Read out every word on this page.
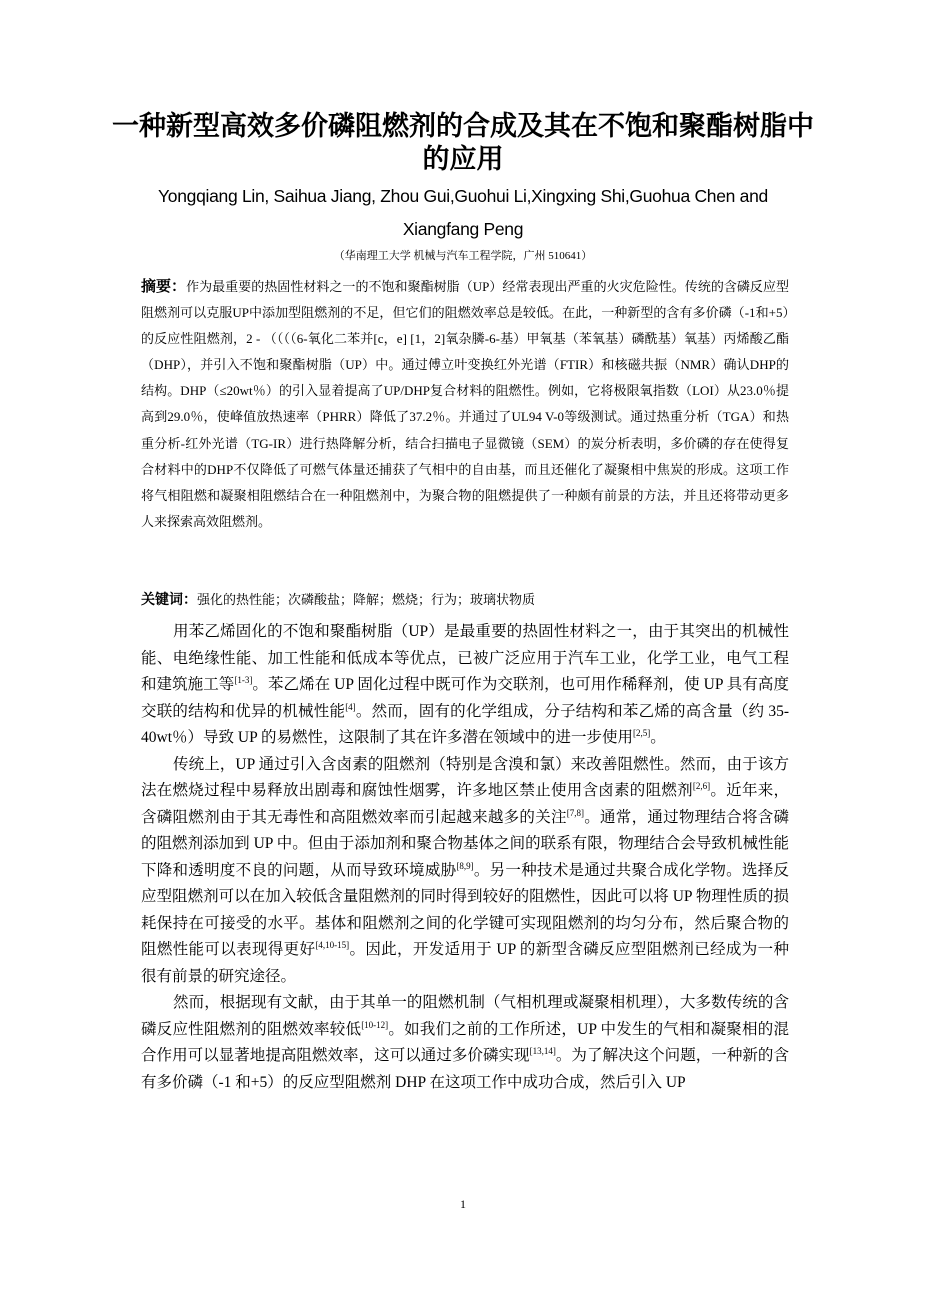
一种新型高效多价磷阻燃剂的合成及其在不饱和聚酯树脂中的应用
Yongqiang Lin, Saihua Jiang, Zhou Gui,Guohui Li,Xingxing Shi,Guohua Chen and Xiangfang Peng
（华南理工大学 机械与汽车工程学院，广州 510641）
摘要：作为最重要的热固性材料之一的不饱和聚酯树脂（UP）经常表现出严重的火灾危险性。传统的含磷反应型阻燃剂可以克服UP中添加型阻燃剂的不足，但它们的阻燃效率总是较低。在此，一种新型的含有多价磷（-1和+5）的反应性阻燃剂，2 - （（（（6-氧化二苯并[c，e] [1，2]氧杂膦-6-基）甲氧基（苯氧基）磷酰基）氧基）丙烯酸乙酯（DHP），并引入不饱和聚酯树脂（UP）中。通过傅立叶变换红外光谱（FTIR）和核磁共振（NMR）确认DHP的结构。DHP（≤20wt％）的引入显着提高了UP/DHP复合材料的阻燃性。例如，它将极限氧指数（LOI）从23.0％提高到29.0％，使峰值放热速率（PHRR）降低了37.2％。并通过了UL94 V-0等级测试。通过热重分析（TGA）和热重分析-红外光谱（TG-IR）进行热降解分析，结合扫描电子显微镜（SEM）的炭分析表明，多价磷的存在使得复合材料中的DHP不仅降低了可燃气体量还捕获了气相中的自由基，而且还催化了凝聚相中焦炭的形成。这项工作将气相阻燃和凝聚相阻燃结合在一种阻燃剂中，为聚合物的阻燃提供了一种颇有前景的方法，并且还将带动更多人来探索高效阻燃剂。
关键词：强化的热性能；次磷酸盐；降解；燃烧；行为；玻璃状物质

用苯乙烯固化的不饱和聚酯树脂（UP）是最重要的热固性材料之一，由于其突出的机械性能、电绝缘性能、加工性能和低成本等优点，已被广泛应用于汽车工业，化学工业，电气工程和建筑施工等[1-3]。苯乙烯在 UP 固化过程中既可作为交联剂，也可用作稀释剂，使 UP 具有高度交联的结构和优异的机械性能[4]。然而，固有的化学组成，分子结构和苯乙烯的高含量（约 35-40wt％）导致 UP 的易燃性，这限制了其在许多潜在领域中的进一步使用[2,5]。

传统上，UP 通过引入含卤素的阻燃剂（特别是含溴和氯）来改善阻燃性。然而，由于该方法在燃烧过程中易释放出剧毒和腐蚀性烟雾，许多地区禁止使用含卤素的阻燃剂[2,6]。近年来，含磷阻燃剂由于其无毒性和高阻燃效率而引起越来越多的关注[7,8]。通常，通过物理结合将含磷的阻燃剂添加到 UP 中。但由于添加剂和聚合物基体之间的联系有限，物理结合会导致机械性能下降和透明度不良的问题，从而导致环境威胁[8,9]。另一种技术是通过共聚合成化学物。选择反应型阻燃剂可以在加入较低含量阻燃剂的同时得到较好的阻燃性，因此可以将 UP 物理性质的损耗保持在可接受的水平。基体和阻燃剂之间的化学键可实现阻燃剂的均匀分布，然后聚合物的阻燃性能可以表现得更好[4,10-15]。因此，开发适用于 UP 的新型含磷反应型阻燃剂已经成为一种很有前景的研究途径。

然而，根据现有文献，由于其单一的阻燃机制（气相机理或凝聚相机理），大多数传统的含磷反应性阻燃剂的阻燃效率较低[10-12]。如我们之前的工作所述，UP 中发生的气相和凝聚相的混合作用可以显著地提高阻燃效率，这可以通过多价磷实现[13,14]。为了解决这个问题，一种新的含有多价磷（-1 和+5）的反应型阻燃剂 DHP 在这项工作中成功合成，然后引入 UP

1
